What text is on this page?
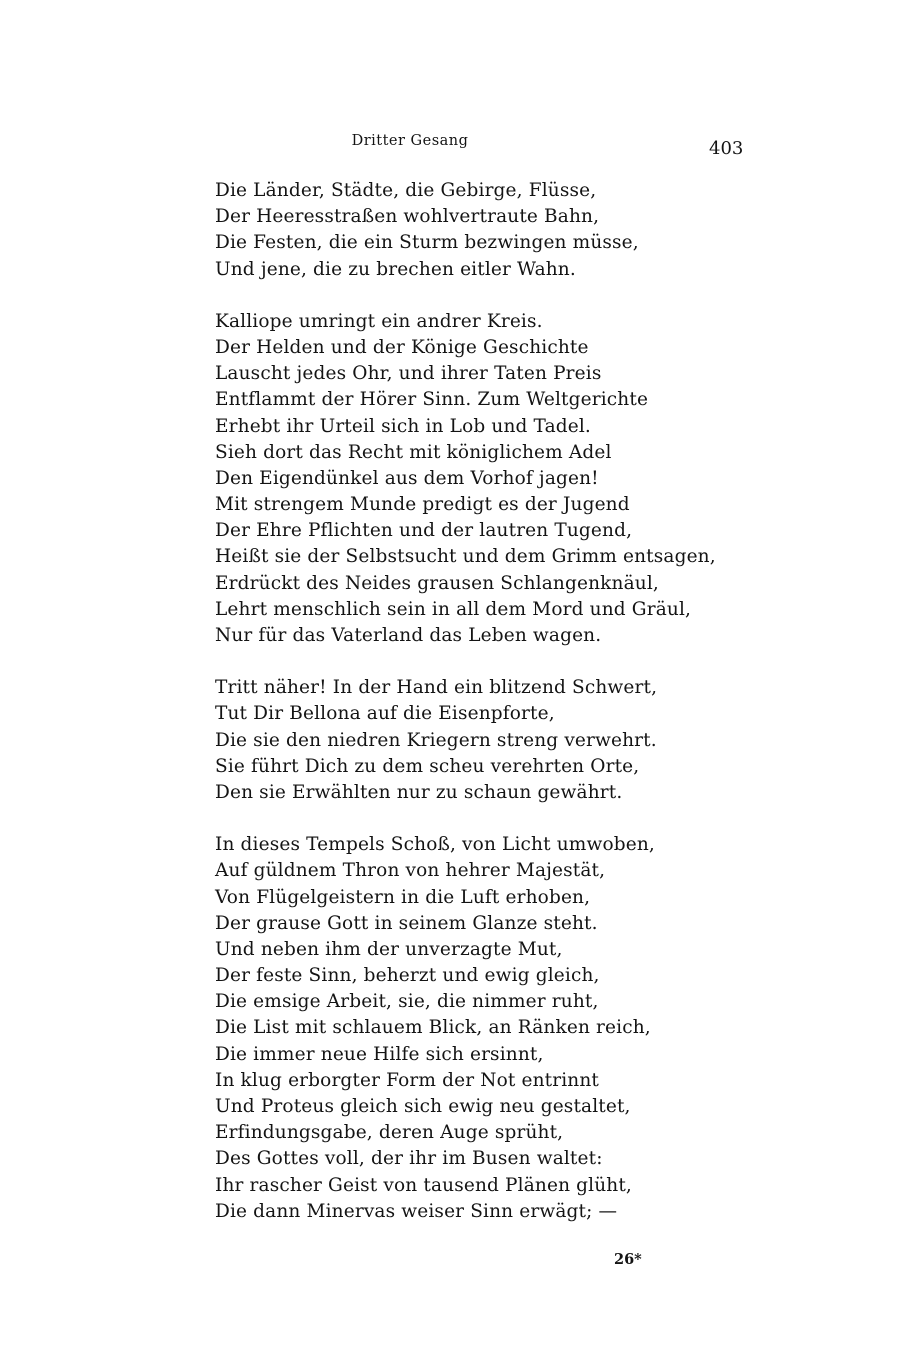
Dritter Gesang	403
Die Länder, Städte, die Gebirge, Flüsse,
Der Heeresstraßen wohlvertraute Bahn,
Die Festen, die ein Sturm bezwingen müsse,
Und jene, die zu brechen eitler Wahn.
Kalliope umringt ein andrer Kreis.
Der Helden und der Könige Geschichte
Lauscht jedes Ohr, und ihrer Taten Preis
Entflammt der Hörer Sinn. Zum Weltgerichte
Erhebt ihr Urteil sich in Lob und Tadel.
Sieh dort das Recht mit königlichem Adel
Den Eigendünkel aus dem Vorhof jagen!
Mit strengem Munde predigt es der Jugend
Der Ehre Pflichten und der lautren Tugend,
Heißt sie der Selbstsucht und dem Grimm entsagen,
Erdrückt des Neides grausen Schlangenknäul,
Lehrt menschlich sein in all dem Mord und Gräul,
Nur für das Vaterland das Leben wagen.
Tritt näher! In der Hand ein blitzend Schwert,
Tut Dir Bellona auf die Eisenpforte,
Die sie den niedren Kriegern streng verwehrt.
Sie führt Dich zu dem scheu verehrten Orte,
Den sie Erwählten nur zu schaun gewährt.
In dieses Tempels Schoß, von Licht umwoben,
Auf güldnem Thron von hehrer Majestät,
Von Flügelgeistern in die Luft erhoben,
Der grause Gott in seinem Glanze steht.
Und neben ihm der unverzagte Mut,
Der feste Sinn, beherzt und ewig gleich,
Die emsige Arbeit, sie, die nimmer ruht,
Die List mit schlauem Blick, an Ränken reich,
Die immer neue Hilfe sich ersinnt,
In klug erborgter Form der Not entrinnt
Und Proteus gleich sich ewig neu gestaltet,
Erfindungsgabe, deren Auge sprüht,
Des Gottes voll, der ihr im Busen waltet:
Ihr rascher Geist von tausend Plänen glüht,
Die dann Minervas weiser Sinn erwägt; —
26*
